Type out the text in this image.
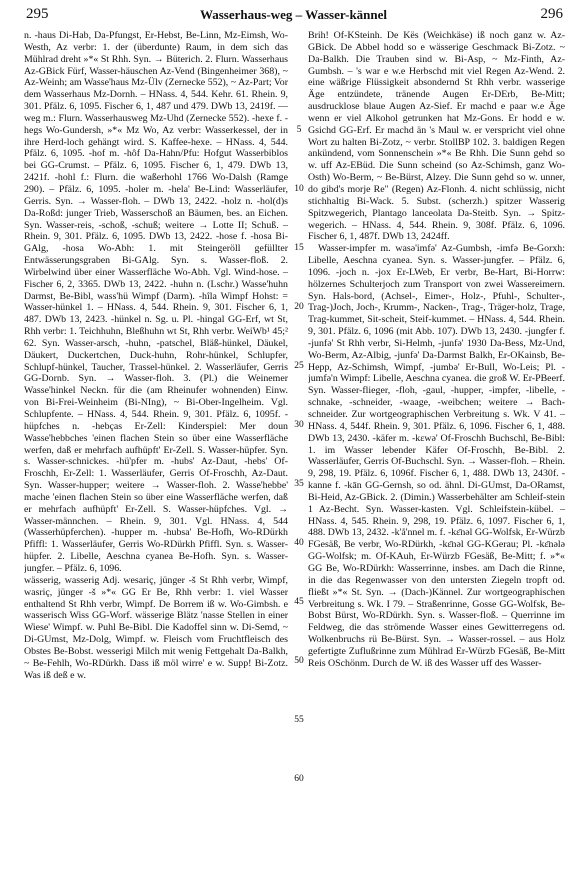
295	Wasserhaus-weg – Wasser-kännel	296

n. -haus Di-Hab, Da-Pfungst, Er-Hebst, Be-Linn, Mz-Eimsh, Wo-Westh, Az verbr: 1. der (überdunte) Raum, in dem sich das Mühlrad dreht »*« St Rhh. Syn. → Büterich. 2. Flurn. Wasserhaus Az-GBick Fürf, Wasser-häuschen Az-Vend (Bingenheimer 368), ~ Az-Weinh; am Wasse'haus Mz-Ülv (Zernecke 552), ~ Az-Part; Vor dem Wasserhaus Mz-Dornh. – HNass. 4, 544. Kehr. 61. Rhein. 9, 301. Pfälz. 6, 1095. Fischer 6, 1, 487 und 479. DWb 13, 2419f. —weg m.: Flurn. Wasserhausweg Mz-Uhd (Zernecke 552). -hexe f. -hegs Wo-Gundersh, »*« Mz Wo, Az verbr: Wasserkessel, der in ihre Herd-loch gehängt wird. S. Kaffee-hexe. – HNass. 4, 544. Pfälz. 6, 1095. -hof m. -hôf Da-Hahn/Pfu: Hofgut Wasserbiblos bei GG-Crumst. – Pfälz. 6, 1095. Fischer 6, 1, 479. DWb 13, 2421f. -hohl f.: Flurn. die waßerhohl 1766 Wo-Dalsh (Ramge 290). – Pfälz. 6, 1095. -holer m. -hela' Be-Lind: Wasserläufer, Gerris. Syn. → Wasser-floh. – DWb 13, 2422. -holz n. -hol(d)s Da-Roßd: junger Trieb, Wasserschoß an Bäumen, bes. an Eichen. Syn. Wasser-reis, -schoß, -schuß; weitere → Lotte II; Schuß. – Rhein. 9, 301. Pfälz. 6, 1095. DWb 13, 2422. -hose f. -hosa Bi-GAlg, -hosa Wo-Abh: 1. mit Steingeröll gefüllter Entwässerungsgraben Bi-GAlg. Syn. s. Wasser-floß. 2. Wirbelwind über einer Wasserfläche Wo-Abh. Vgl. Wind-hose. – Fischer 6, 2, 3365. DWb 13, 2422. -huhn n. (Lschr.) Wasse'huhn Darmst, Be-Bibl, wass'hü Wimpf (Darm). -hîla Wimpf Hohst: = Wasser-hünkel 1. – HNass. 4, 544. Rhein. 9, 301. Fischer 6, 1, 487. DWb 13, 2423. -hünkel n. Sg. u. Pl. -hingal GG-Erf, wt St, Rhh verbr: 1. Teichhuhn, Bleßhuhn wt St, Rhh verbr. WeiWb¹ 45;² 62. Syn. Wasser-arsch, -huhn, -patschel, Bläß-hünkel, Däukel, Däukert, Duckertchen, Duck-huhn, Rohr-hünkel, Schlupfer, Schlupf-hünkel, Taucher, Trassel-hünkel. 2. Wasserläufer, Gerris GG-Dornb. Syn. → Wasser-floh. 3. (Pl.) die Weinemer Wasse'hinkel Neckn. für die (am Rheinufer wohnenden) Einw. von Bi-Frei-Weinheim (Bi-NIng), ~ Bi-Ober-Ingelheim. Vgl. Schlupfente. – HNass. 4, 544. Rhein. 9, 301. Pfälz. 6, 1095f. -hüpfches n. -hebças Er-Zell: Kinderspiel: Mer doun Wasse'hebbches 'einen flachen Stein so über eine Wasserfläche werfen, daß er mehrfach aufhüpft' Er-Zell. S. Wasser-hüpfer. Syn. s. Wasser-schnickes. -hü'pfer m. -hubs' Az-Daut, -hebs' Of-Froschh, Er-Zell: 1. Wasserläufer, Gerris Of-Froschh, Az-Daut. Syn. Wasser-hupper; weitere → Wasser-floh. 2. Wasse'hebbe' mache 'einen flachen Stein so über eine Wasserfläche werfen, daß er mehrfach aufhüpft' Er-Zell. S. Wasser-hüpfches. Vgl. → Wasser-männchen. – Rhein. 9, 301. Vgl. HNass. 4, 544 (Wasserhüpferchen). -hupper m. -hubsa' Be-Hofh, Wo-RDürkh Pfiffl: 1. Wasserläufer, Gerris Wo-RDürkh Pfiffl. Syn. s. Wasser-hüpfer. 2. Libelle, Aeschna cyanea Be-Hofh. Syn. s. Wasser-jungfer. – Pfälz. 6, 1096.

wässerig, wasserig Adj. wesariç, jünger -š St Rhh verbr, Wimpf, wasriç, jünger -š »*« GG Er Be, Rhh verbr: 1. viel Wasser enthaltend St Rhh verbr, Wimpf. De Borrem iß w. Wo-Gimbsh. e wasserisch Wiss GG-Worf. wässerige Blätz 'nasse Stellen in einer Wiese' Wimpf. w. Puhl Be-Bibl. Die Kadoffel sinn w. Di-Semd, ~ Di-GUmst, Mz-Dolg, Wimpf. w. Fleisch vom Fruchtfleisch des Obstes Be-Bobst. wesserigi Milch mit wenig Fettgehalt Da-Balkh, ~ Be-Fehlh, Wo-RDürkh. Dass iß möl wirre' e w. Supp! Bi-Zotz. Was iß deß e w.

5
10
15
20
25
30
35
40
45
50
55
60

Brih! Of-KSteinh. De Kës (Weichkäse) iß noch ganz w. Az-GBick. De Abbel hodd so e wässerige Geschmack Bi-Zotz. ~ Da-Balkh. Die Trauben sind w. Bi-Asp, ~ Mz-Finth, Az-Gumbsh. – 's war e w.e Herbschd mit viel Regen Az-Wend. 2. eine wäßrige Flüssigkeit absondernd St Rhh verbr. wasserige Äge entzündete, tränende Augen Er-DErb, Be-Mitt; ausdrucklose blaue Augen Az-Sief. Er machd e paar w.e Äge wenn er viel Alkohol getrunken hat Mz-Gons. Er hodd e w. Gsichd GG-Erf. Er machd än 's Maul w. er verspricht viel ohne Wort zu halten Bi-Zotz, ~ verbr. StollBP 102. 3. baldigen Regen ankündend, vom Sonnenschein »*« Be Rhh. Die Sunn gehd so w. uff Az-EBüd. Die Sunn scheind (so Az-Schimsh, ganz Wo-Osth) Wo-Berm, ~ Be-Bürst, Alzey. Die Sunn gehd so w. unner, do gibd's morje Re" (Regen) Az-Flonh. 4. nicht schlüssig, nicht stichhaltig Bi-Wack. 5. Subst. (scherzh.) spitzer Wasserig Spitzwegerich, Plantago lanceolata Da-Steitb. Syn. → Spitz-wegerich. – HNass. 4, 544. Rhein. 9, 308f. Pfälz. 6, 1096. Fischer 6, 1, 487f. DWb 13, 2424ff.

Wasser-impfer m. wasə'imfə' Az-Gumbsh, -imfə Be-Gorxh: Libelle, Aeschna cyanea. Syn. s. Wasser-jungfer. – Pfälz. 6, 1096. -joch n. -jox Er-LWeb, Er verbr, Be-Hart, Bi-Horrw: hölzernes Schulterjoch zum Transport von zwei Wassereimern. Syn. Hals-bord, (Achsel-, Eimer-, Holz-, Pfuhl-, Schulter-, Trag-)Joch, Joch-, Krumm-, Nacken-, Trag-, Träger-holz, Trage, Trag-kummet, Sit-scheit, Steif-kummet. – HNass. 4, 544. Rhein. 9, 301. Pfälz. 6, 1096 (mit Abb. 107). DWb 13, 2430. -jungfer f. -junfə' St Rhh verbr, Si-Helmh, -junfə' 1930 Da-Bess, Mz-Und, Wo-Berm, Az-Albig, -junfə' Da-Darmst Balkh, Er-OKainsb, Be-Hepp, Az-Schimsh, Wimpf, -jumbə' Er-Bull, Wo-Leis; Pl. -jumfə'n Wimpf: Libelle, Aeschna cyanea. die groß W. Er-PBeerf. Syn. Wasser-flieger, -floh, -gaul, -hupper, -impfer, -libelle, -schnake, -schneider, -waage, -weibchen; weitere → Bach-schneider. Zur wortgeographischen Verbreitung s. Wk. V 41. – HNass. 4, 544f. Rhein. 9, 301. Pfälz. 6, 1096. Fischer 6, 1, 488. DWb 13, 2430. -käfer m. -kɛwə' Of-Froschh Buchschl, Be-Bibl: 1. im Wasser lebender Käfer Of-Froschh, Be-Bibl. 2. Wasserläufer, Gerris Of-Buchschl. Syn. → Wasser-floh. – Rhein. 9, 298, 19. Pfälz. 6, 1096f. Fischer 6, 1, 488. DWb 13, 2430f. -kanne f. -kān GG-Gernsh, so od. ähnl. Di-GUmst, Da-ORamst, Bi-Heid, Az-GBick. 2. (Dimin.) Wasserbehälter am Schleif-stein 1 Az-Becht. Syn. Wasser-kasten. Vgl. Schleifstein-kübel. – HNass. 4, 545. Rhein. 9, 298, 19. Pfälz. 6, 1097. Fischer 6, 1, 488. DWb 13, 2432. -k'å'nnel m. f. -kɛ̄nəl GG-Wolfsk, Er-Würzb FGesäß, Be verbr, Wo-RDürkh, -kɛ̄nəl GG-KGerau; Pl. -kɛ̄nələ GG-Wolfsk; m. Of-KAuh, Er-Würzb FGesäß, Be-Mitt; f. »*« GG Be, Wo-RDürkh: Wasserrinne, insbes. am Dach die Rinne, in die das Regenwasser von den untersten Ziegeln tropft od. fließt »*« St. Syn. → (Dach-)Kännel. Zur wortgeographischen Verbreitung s. Wk. I 79. – Straßenrinne, Gosse GG-Wolfsk, Be-Bobst Bürst, Wo-RDürkh. Syn. s. Wasser-floß. – Querrinne im Feldweg, die das strömende Wasser eines Gewitterregens od. Wolkenbruchs rü Be-Bürst. Syn. → Wasser-rossel. – aus Holz gefertigte Zuflußrinne zum Mühlrad Er-Würzb FGesäß, Be-Mitt Reis OSchönm. Durch de W. iß des Wasser uff des Wasser-
